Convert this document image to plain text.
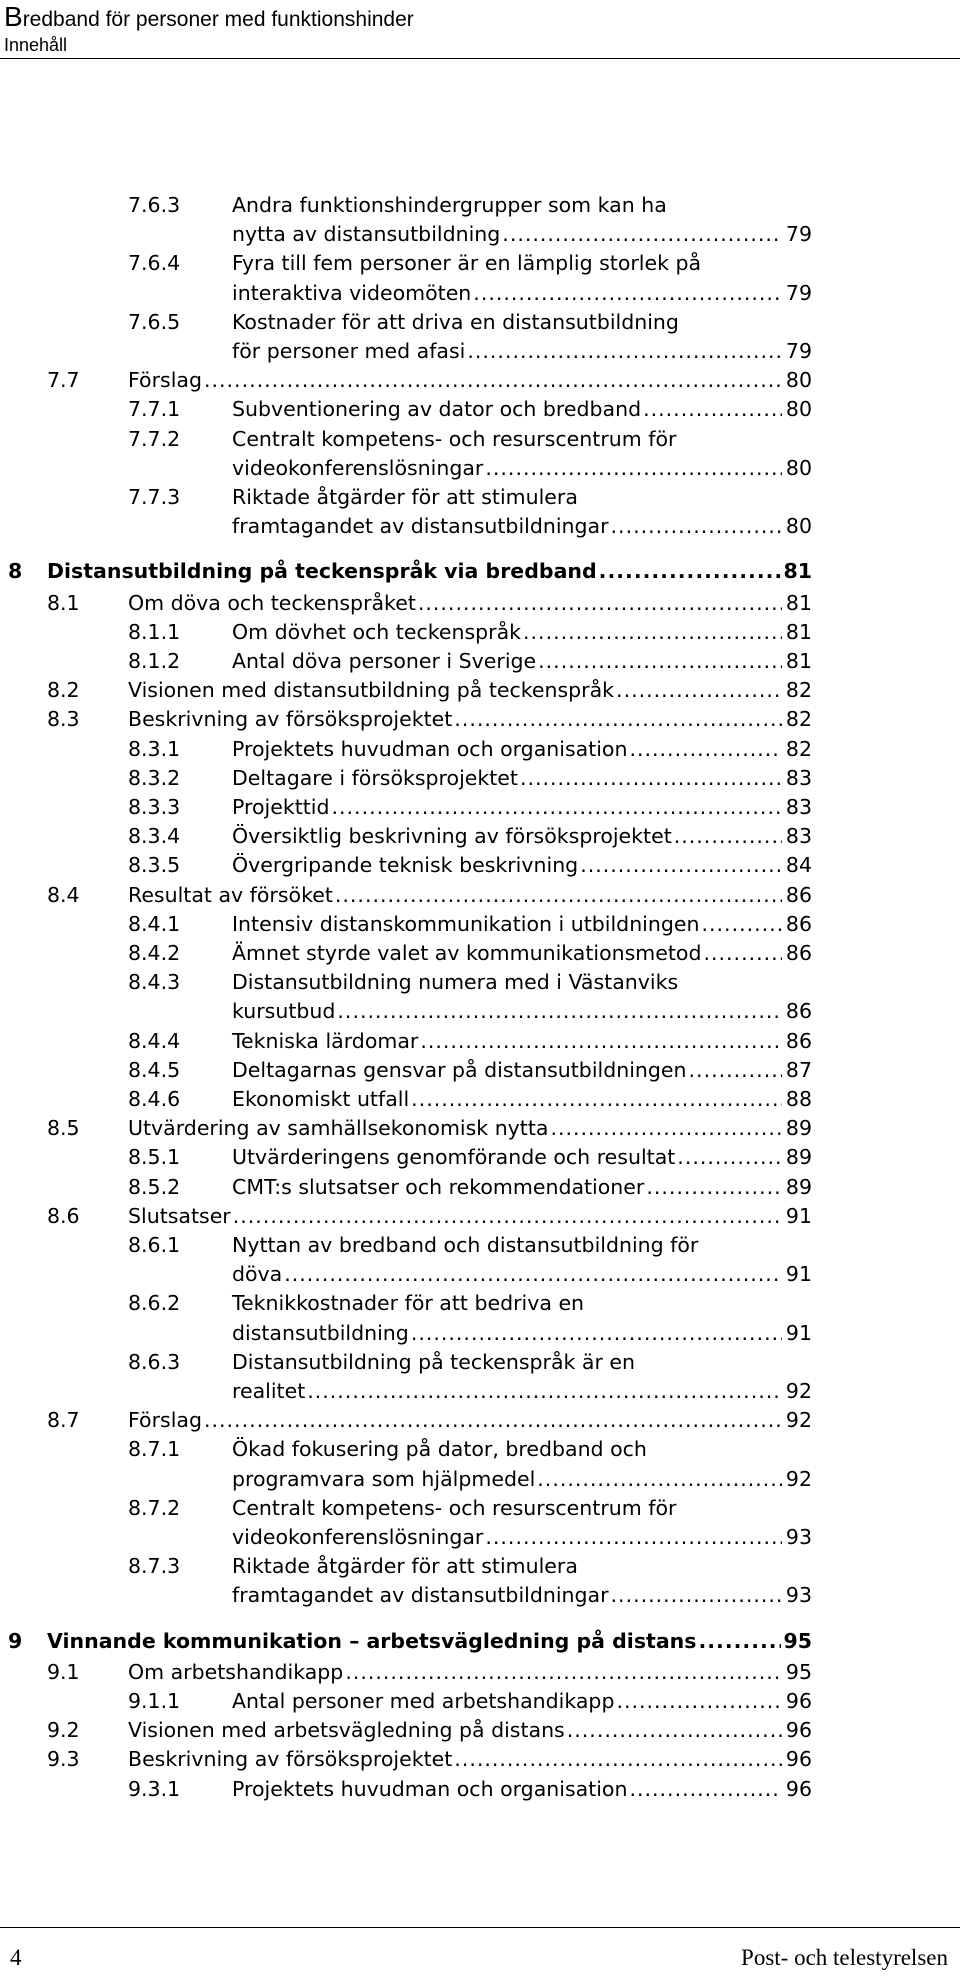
Bredband för personer med funktionshinder
Innehåll
7.6.3	Andra funktionshindergrupper som kan ha
nytta av distansutbildning .....	79
7.6.4	Fyra till fem personer är en lämplig storlek på
interaktiva videomöten .....	79
7.6.5	Kostnader för att driva en distansutbildning
för personer med afasi .....	79
7.7 Förslag .....	80
7.7.1	Subventionering av dator och bredband .....	80
7.7.2	Centralt kompetens- och resurscentrum för
videokonferenslösningar .....	80
7.7.3	Riktade åtgärder för att stimulera
framtagandet av distansutbildningar .....	80
8 Distansutbildning på teckenspråk via bredband .....	81
8.1 Om döva och teckenspråket .....	81
8.1.1	Om dövhet och teckenspråk .....	81
8.1.2	Antal döva personer i Sverige .....	81
8.2 Visionen med distansutbildning på teckenspråk .....	82
8.3 Beskrivning av försöksprojektet .....	82
8.3.1	Projektets huvudman och organisation .....	82
8.3.2	Deltagare i försöksprojektet .....	83
8.3.3	Projekttid .....	83
8.3.4	Översiktlig beskrivning av försöksprojektet .....	83
8.3.5	Övergripande teknisk beskrivning .....	84
8.4 Resultat av försöket .....	86
8.4.1	Intensiv distanskommunikation i utbildningen .....	86
8.4.2	Ämnet styrde valet av kommunikationsmetod .....	86
8.4.3	Distansutbildning numera med i Västanviks
kursutbud .....	86
8.4.4	Tekniska lärdomar .....	86
8.4.5	Deltagarnas gensvar på distansutbildningen .....	87
8.4.6	Ekonomiskt utfall .....	88
8.5 Utvärdering av samhällsekonomisk nytta .....	89
8.5.1	Utvärderingens genomförande och resultat .....	89
8.5.2	CMT:s slutsatser och rekommendationer .....	89
8.6 Slutsatser .....	91
8.6.1	Nyttan av bredband och distansutbildning för
döva .....	91
8.6.2	Teknikkostnader för att bedriva en
distansutbildning .....	91
8.6.3	Distansutbildning på teckenspråk är en
realitet .....	92
8.7 Förslag .....	92
8.7.1	Ökad fokusering på dator, bredband och
programvara som hjälpmedel .....	92
8.7.2	Centralt kompetens- och resurscentrum för
videokonferenslösningar .....	93
8.7.3	Riktade åtgärder för att stimulera
framtagandet av distansutbildningar .....	93
9 Vinnande kommunikation – arbetsvägledning på distans .....	95
9.1 Om arbetshandikapp .....	95
9.1.1	Antal personer med arbetshandikapp .....	96
9.2 Visionen med arbetsvägledning på distans .....	96
9.3 Beskrivning av försöksprojektet .....	96
9.3.1	Projektets huvudman och organisation .....	96
4	Post- och telestyrelsen
